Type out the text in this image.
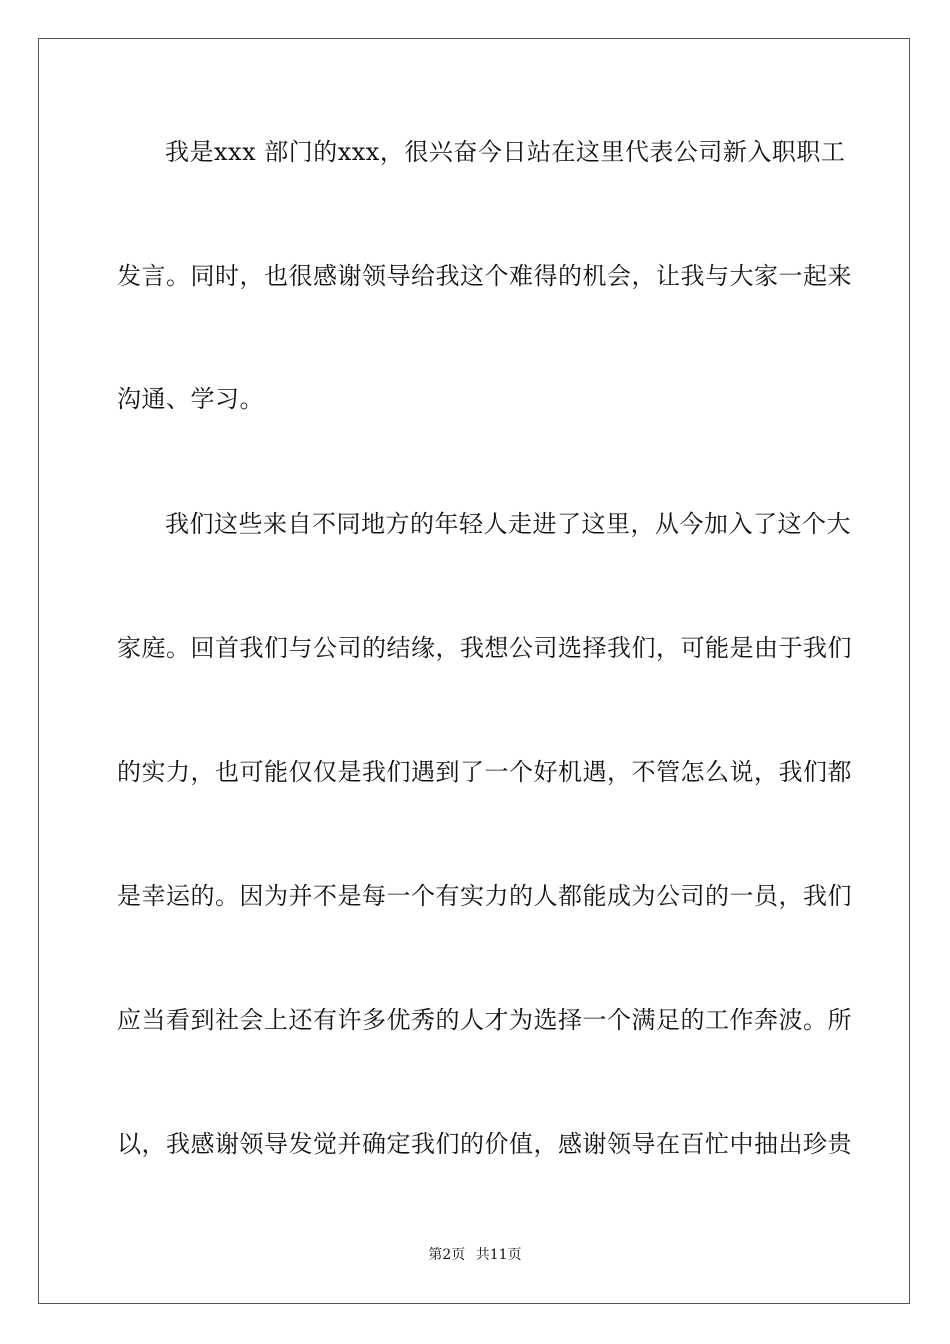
我是xxx 部门的xxx，很兴奋今日站在这里代表公司新入职职工
发言。同时，也很感谢领导给我这个难得的机会，让我与大家一起来
沟通、学习。
我们这些来自不同地方的年轻人走进了这里，从今加入了这个大
家庭。回首我们与公司的结缘，我想公司选择我们，可能是由于我们
的实力，也可能仅仅是我们遇到了一个好机遇，不管怎么说，我们都
是幸运的。因为并不是每一个有实力的人都能成为公司的一员，我们
应当看到社会上还有许多优秀的人才为选择一个满足的工作奔波。所
以，我感谢领导发觉并确定我们的价值，感谢领导在百忙中抽出珍贵
第2页 共11页
